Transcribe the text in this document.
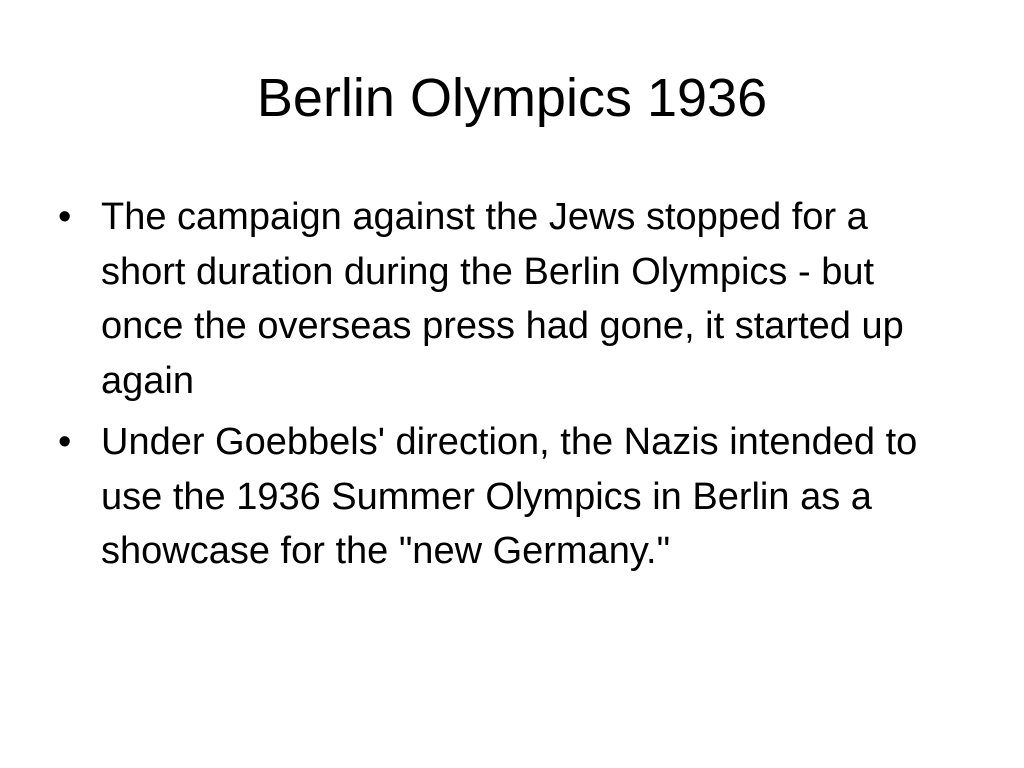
Berlin Olympics 1936
• The campaign against the Jews stopped for a short duration during the Berlin Olympics - but once the overseas press had gone, it started up again
• Under Goebbels' direction, the Nazis intended to use the 1936 Summer Olympics in Berlin as a showcase for the "new Germany."
